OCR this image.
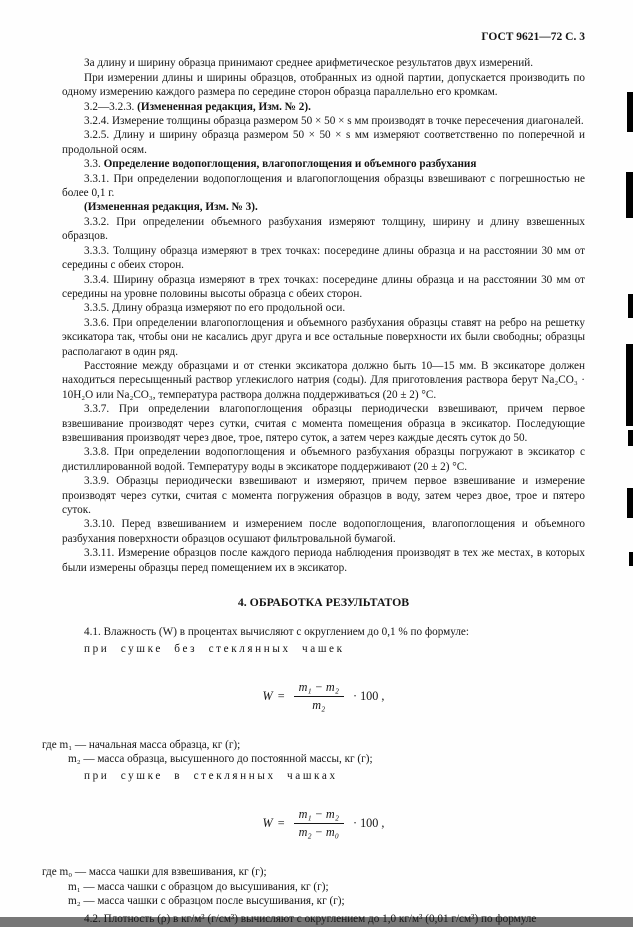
ГОСТ 9621—72 С. 3

За длину и ширину образца принимают среднее арифметическое результатов двух измерений.

При измерении длины и ширины образцов, отобранных из одной партии, допускается производить по одному измерению каждого размера по середине сторон образца параллельно его кромкам.

3.2—3.2.3. (Измененная редакция, Изм. № 2).

3.2.4. Измерение толщины образца размером 50 × 50 × s мм производят в точке пересечения диагоналей.

3.2.5. Длину и ширину образца размером 50 × 50 × s мм измеряют соответственно по поперечной и продольной осям.

3.3. Определение водопоглощения, влагопоглощения и объемного разбухания

3.3.1. При определении водопоглощения и влагопоглощения образцы взвешивают с погрешностью не более 0,1 г.

(Измененная редакция, Изм. № 3).

3.3.2. При определении объемного разбухания измеряют толщину, ширину и длину взвешенных образцов.

3.3.3. Толщину образца измеряют в трех точках: посередине длины образца и на расстоянии 30 мм от середины с обеих сторон.

3.3.4. Ширину образца измеряют в трех точках: посередине длины образца и на расстоянии 30 мм от середины на уровне половины высоты образца с обеих сторон.

3.3.5. Длину образца измеряют по его продольной оси.

3.3.6. При определении влагопоглощения и объемного разбухания образцы ставят на ребро на решетку эксикатора так, чтобы они не касались друг друга и все остальные поверхности их были свободны; образцы располагают в один ряд.

Расстояние между образцами и от стенки эксикатора должно быть 10—15 мм. В эксикаторе должен находиться пересыщенный раствор углекислого натрия (соды). Для приготовления раствора берут Na₂CO₃ · 10H₂O или Na₂CO₃, температура раствора должна поддерживаться (20 ± 2) °С.

3.3.7. При определении влагопоглощения образцы периодически взвешивают, причем первое взвешивание производят через сутки, считая с момента помещения образца в эксикатор. Последующие взвешивания производят через двое, трое, пятеро суток, а затем через каждые десять суток до 50.

3.3.8. При определении водопоглощения и объемного разбухания образцы погружают в эксикатор с дистиллированной водой. Температуру воды в эксикаторе поддерживают (20 ± 2) °С.

3.3.9. Образцы периодически взвешивают и измеряют, причем первое взвешивание и измерение производят через сутки, считая с момента погружения образцов в воду, затем через двое, трое и пятеро суток.

3.3.10. Перед взвешиванием и измерением после водопоглощения, влагопоглощения и объемного разбухания поверхности образцов осушают фильтровальной бумагой.

3.3.11. Измерение образцов после каждого периода наблюдения производят в тех же местах, в которых были измерены образцы перед помещением их в эксикатор.

4. ОБРАБОТКА РЕЗУЛЬТАТОВ

4.1. Влажность (W) в процентах вычисляют с округлением до 0,1 % по формуле:

при сушке без стеклянных чашек

$W = \frac{\text{m₁ − m₂}}{\text{m₂}} \cdot 100$ ,

где m₁ — начальная масса образца, кг (г);

m₂ — масса образца, высушенного до постоянной массы, кг (г);

при сушке в стеклянных чашках

$W = \frac{\text{m₁ − m₂}}{\text{m₂ − m₀}} \cdot 100$ ,

где m₀ — масса чашки для взвешивания, кг (г);

m₁ — масса чашки с образцом до высушивания, кг (г);

m₂ — масса чашки с образцом после высушивания, кг (г);

4.2. Плотность (ρ) в кг/м³ (г/см³) вычисляют с округлением до 1,0 кг/м³ (0,01 г/см³) по формуле
